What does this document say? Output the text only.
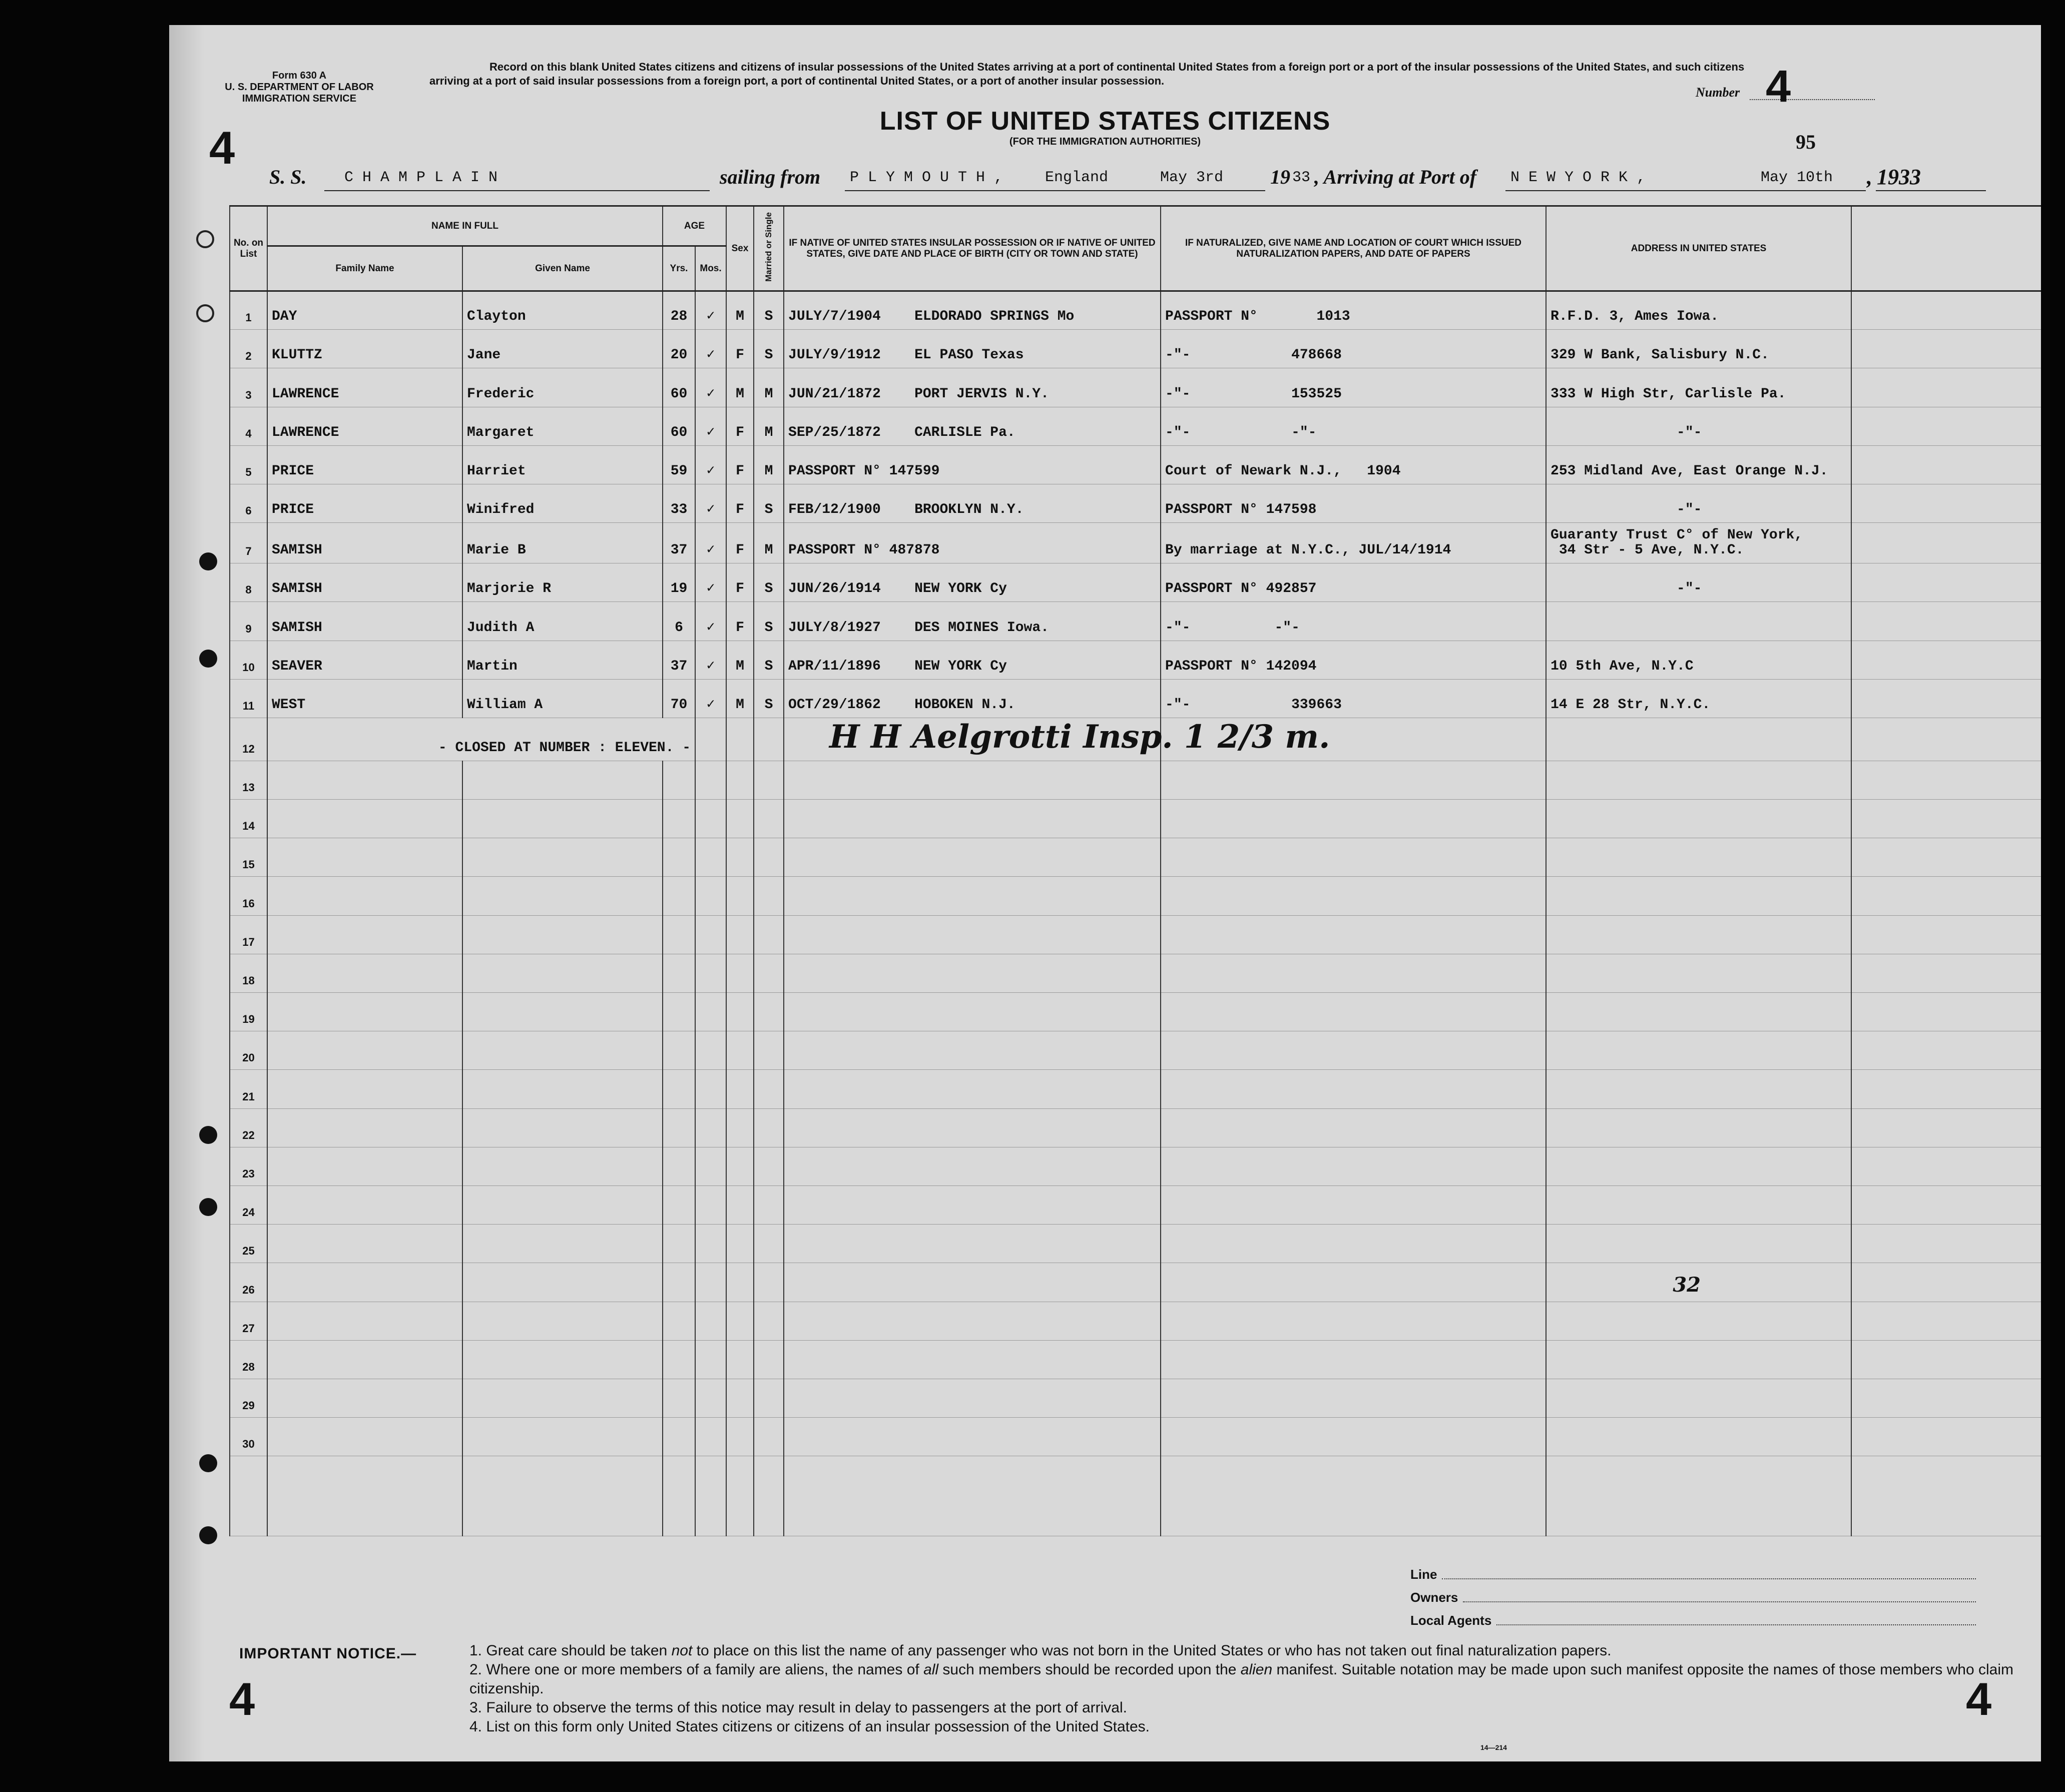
Form 630 A
U. S. DEPARTMENT OF LABOR
IMMIGRATION SERVICE
4
Record on this blank United States citizens and citizens of insular possessions of the United States arriving at a port of continental United States from a foreign port or a port of the insular possessions of the United States, and such citizens arriving at a port of said insular possessions from a foreign port, a port of continental United States, or a port of another insular possession.
Number 4
LIST OF UNITED STATES CITIZENS
(FOR THE IMMIGRATION AUTHORITIES)	95
S. S.	C H A M P L A I N	sailing from P L Y M O U T H ,	England	May 3rd 19 33 , Arriving at Port of N E W Y O R K ,	May 10th , 1933
No. on List	NAME IN FULL		AGE		Sex	Married or Single	IF NATIVE OF UNITED STATES INSULAR POSSESSION OR IF NATIVE OF UNITED STATES, GIVE DATE AND PLACE OF BIRTH (CITY OR TOWN AND STATE)	IF NATURALIZED, GIVE NAME AND LOCATION OF COURT WHICH ISSUED NATURALIZATION PAPERS, AND DATE OF PAPERS	ADDRESS IN UNITED STATES	
	Family Name	Given Name	Yrs.	Mos.						
1	DAY	Clayton	28	✓	M	S	JULY/7/1904 ELDORADO SPRINGS Mo	PASSPORT N° 1013	R.F.D. 3, Ames Iowa.	
2	KLUTTZ	Jane	20	✓	F	S	JULY/9/1912 EL PASO Texas	-"- 478668	329 W Bank, Salisbury N.C.	
3	LAWRENCE	Frederic	60	✓	M	M	JUN/21/1872 PORT JERVIS N.Y.	-"- 153525	333 W High Str, Carlisle Pa.	
4	LAWRENCE	Margaret	60	✓	F	M	SEP/25/1872 CARLISLE Pa.	-"- -"-	-"-	
5	PRICE	Harriet	59	✓	F	M	PASSPORT N° 147599	Court of Newark N.J., 1904	253 Midland Ave, East Orange N.J.	
6	PRICE	Winifred	33	✓	F	S	FEB/12/1900 BROOKLYN N.Y.	PASSPORT N° 147598	-"-	
7	SAMISH	Marie B	37	✓	F	M	PASSPORT N° 487878	By marriage at N.Y.C., JUL/14/1914	Guaranty Trust C° of New York,
34 Str - 5 Ave, N.Y.C.	
8	SAMISH	Marjorie R	19	✓	F	S	JUN/26/1914 NEW YORK Cy	PASSPORT N° 492857	-"-	
9	SAMISH	Judith A	6	✓	F	S	JULY/8/1927 DES MOINES Iowa.	-"- -"-		
10	SEAVER	Martin	37	✓	M	S	APR/11/1896 NEW YORK Cy	PASSPORT N° 142094	10 5th Ave, N.Y.C	
11	WEST	William A	70	✓	M	S	OCT/29/1862 HOBOKEN N.J.	-"- 339663	14 E 28 Str, N.Y.C.	
12	- CLOSED AT NUMBER : ELEVEN. -						H H Aelgrotti Insp. 1 2/3 m.			
13										
14										
15										
16										
17										
18										
19										
20										
21										
22										
23										
24										
25										
26									32	
27										
28										
29										
30										

Line
Owners
Local Agents
IMPORTANT NOTICE.—	1. Great care should be taken not to place on this list the name of any passenger who was not born in the United States or who has not taken out final naturalization papers.
2. Where one or more members of a family are aliens, the names of all such members should be recorded upon the alien manifest. Suitable notation may be made upon such manifest opposite the names of those members who claim citizenship.
3. Failure to observe the terms of this notice may result in delay to passengers at the port of arrival.
4. List on this form only United States citizens or citizens of an insular possession of the United States.
14—214
4	4
